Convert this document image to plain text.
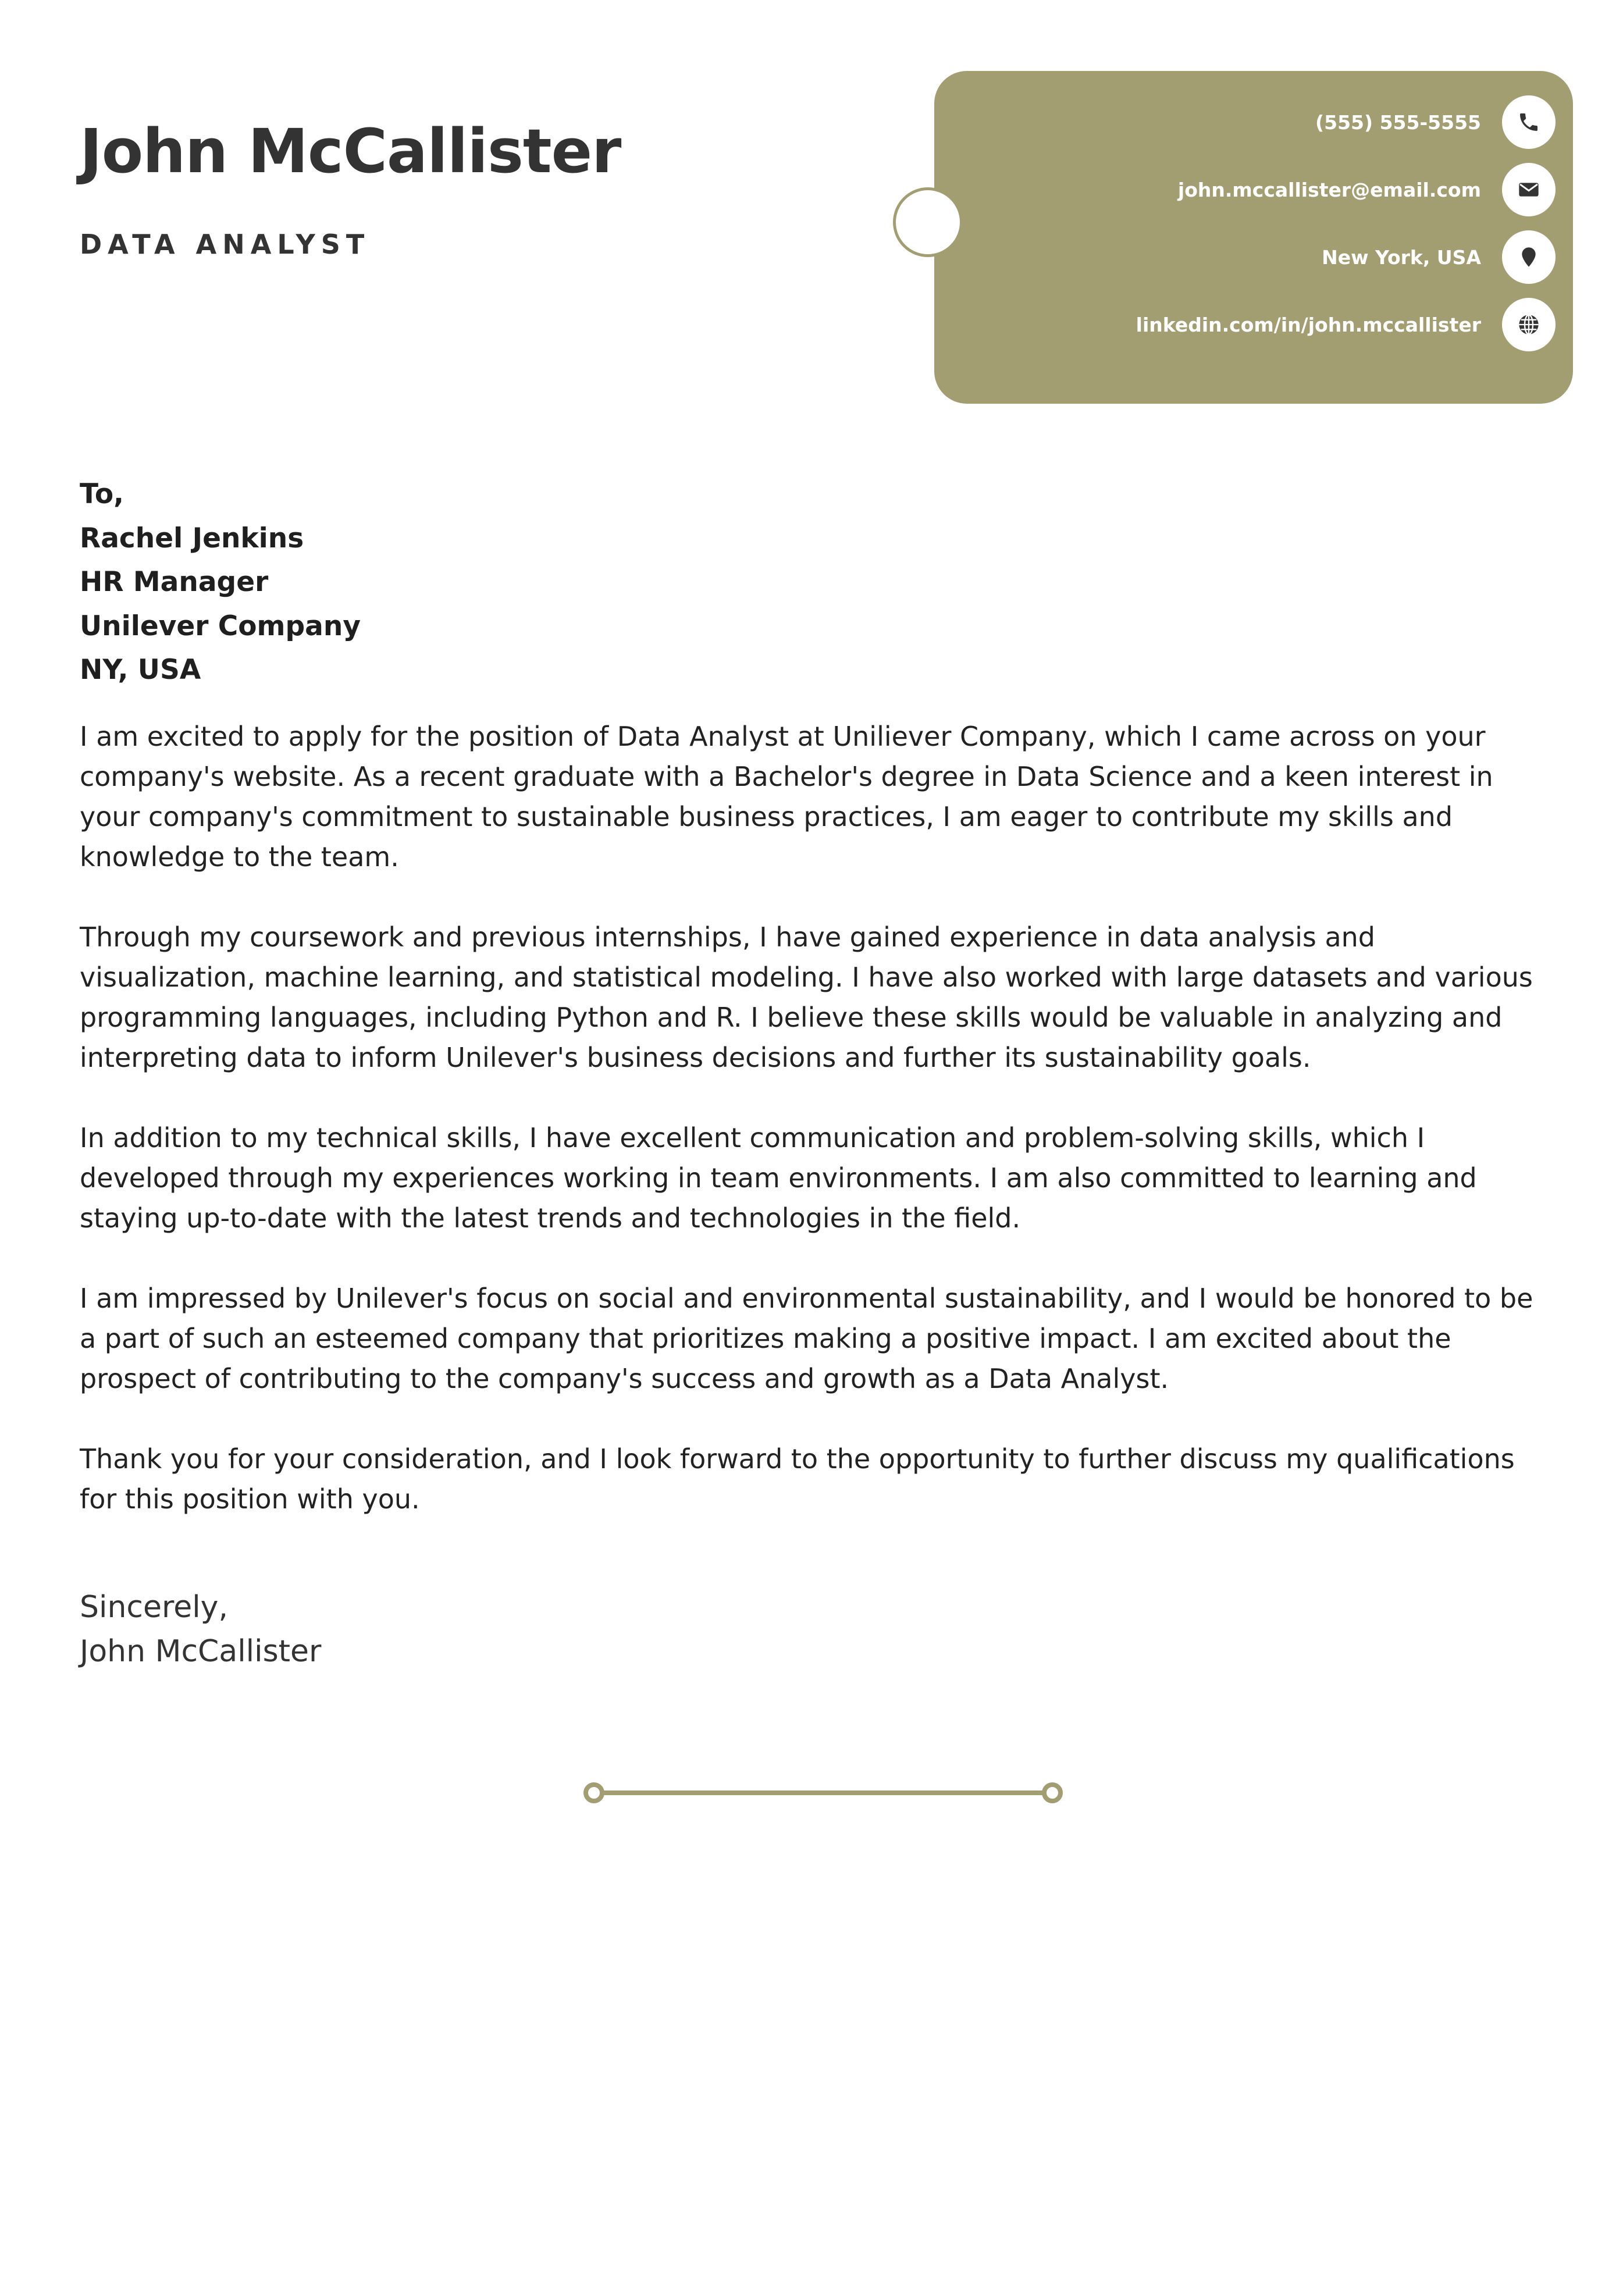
John McCallister
DATA ANALYST
(555) 555-5555
john.mccallister@email.com
New York, USA
linkedin.com/in/john.mccallister
To,
Rachel Jenkins
HR Manager
Unilever Company
NY, USA

I am excited to apply for the position of Data Analyst at Uniliever Company, which I came across on your company's website. As a recent graduate with a Bachelor's degree in Data Science and a keen interest in your company's commitment to sustainable business practices, I am eager to contribute my skills and knowledge to the team.

Through my coursework and previous internships, I have gained experience in data analysis and visualization, machine learning, and statistical modeling. I have also worked with large datasets and various programming languages, including Python and R. I believe these skills would be valuable in analyzing and interpreting data to inform Unilever's business decisions and further its sustainability goals.

In addition to my technical skills, I have excellent communication and problem-solving skills, which I developed through my experiences working in team environments. I am also committed to learning and staying up-to-date with the latest trends and technologies in the field.

I am impressed by Unilever's focus on social and environmental sustainability, and I would be honored to be a part of such an esteemed company that prioritizes making a positive impact. I am excited about the prospect of contributing to the company's success and growth as a Data Analyst.

Thank you for your consideration, and I look forward to the opportunity to further discuss my qualifications for this position with you.

Sincerely,
John McCallister
